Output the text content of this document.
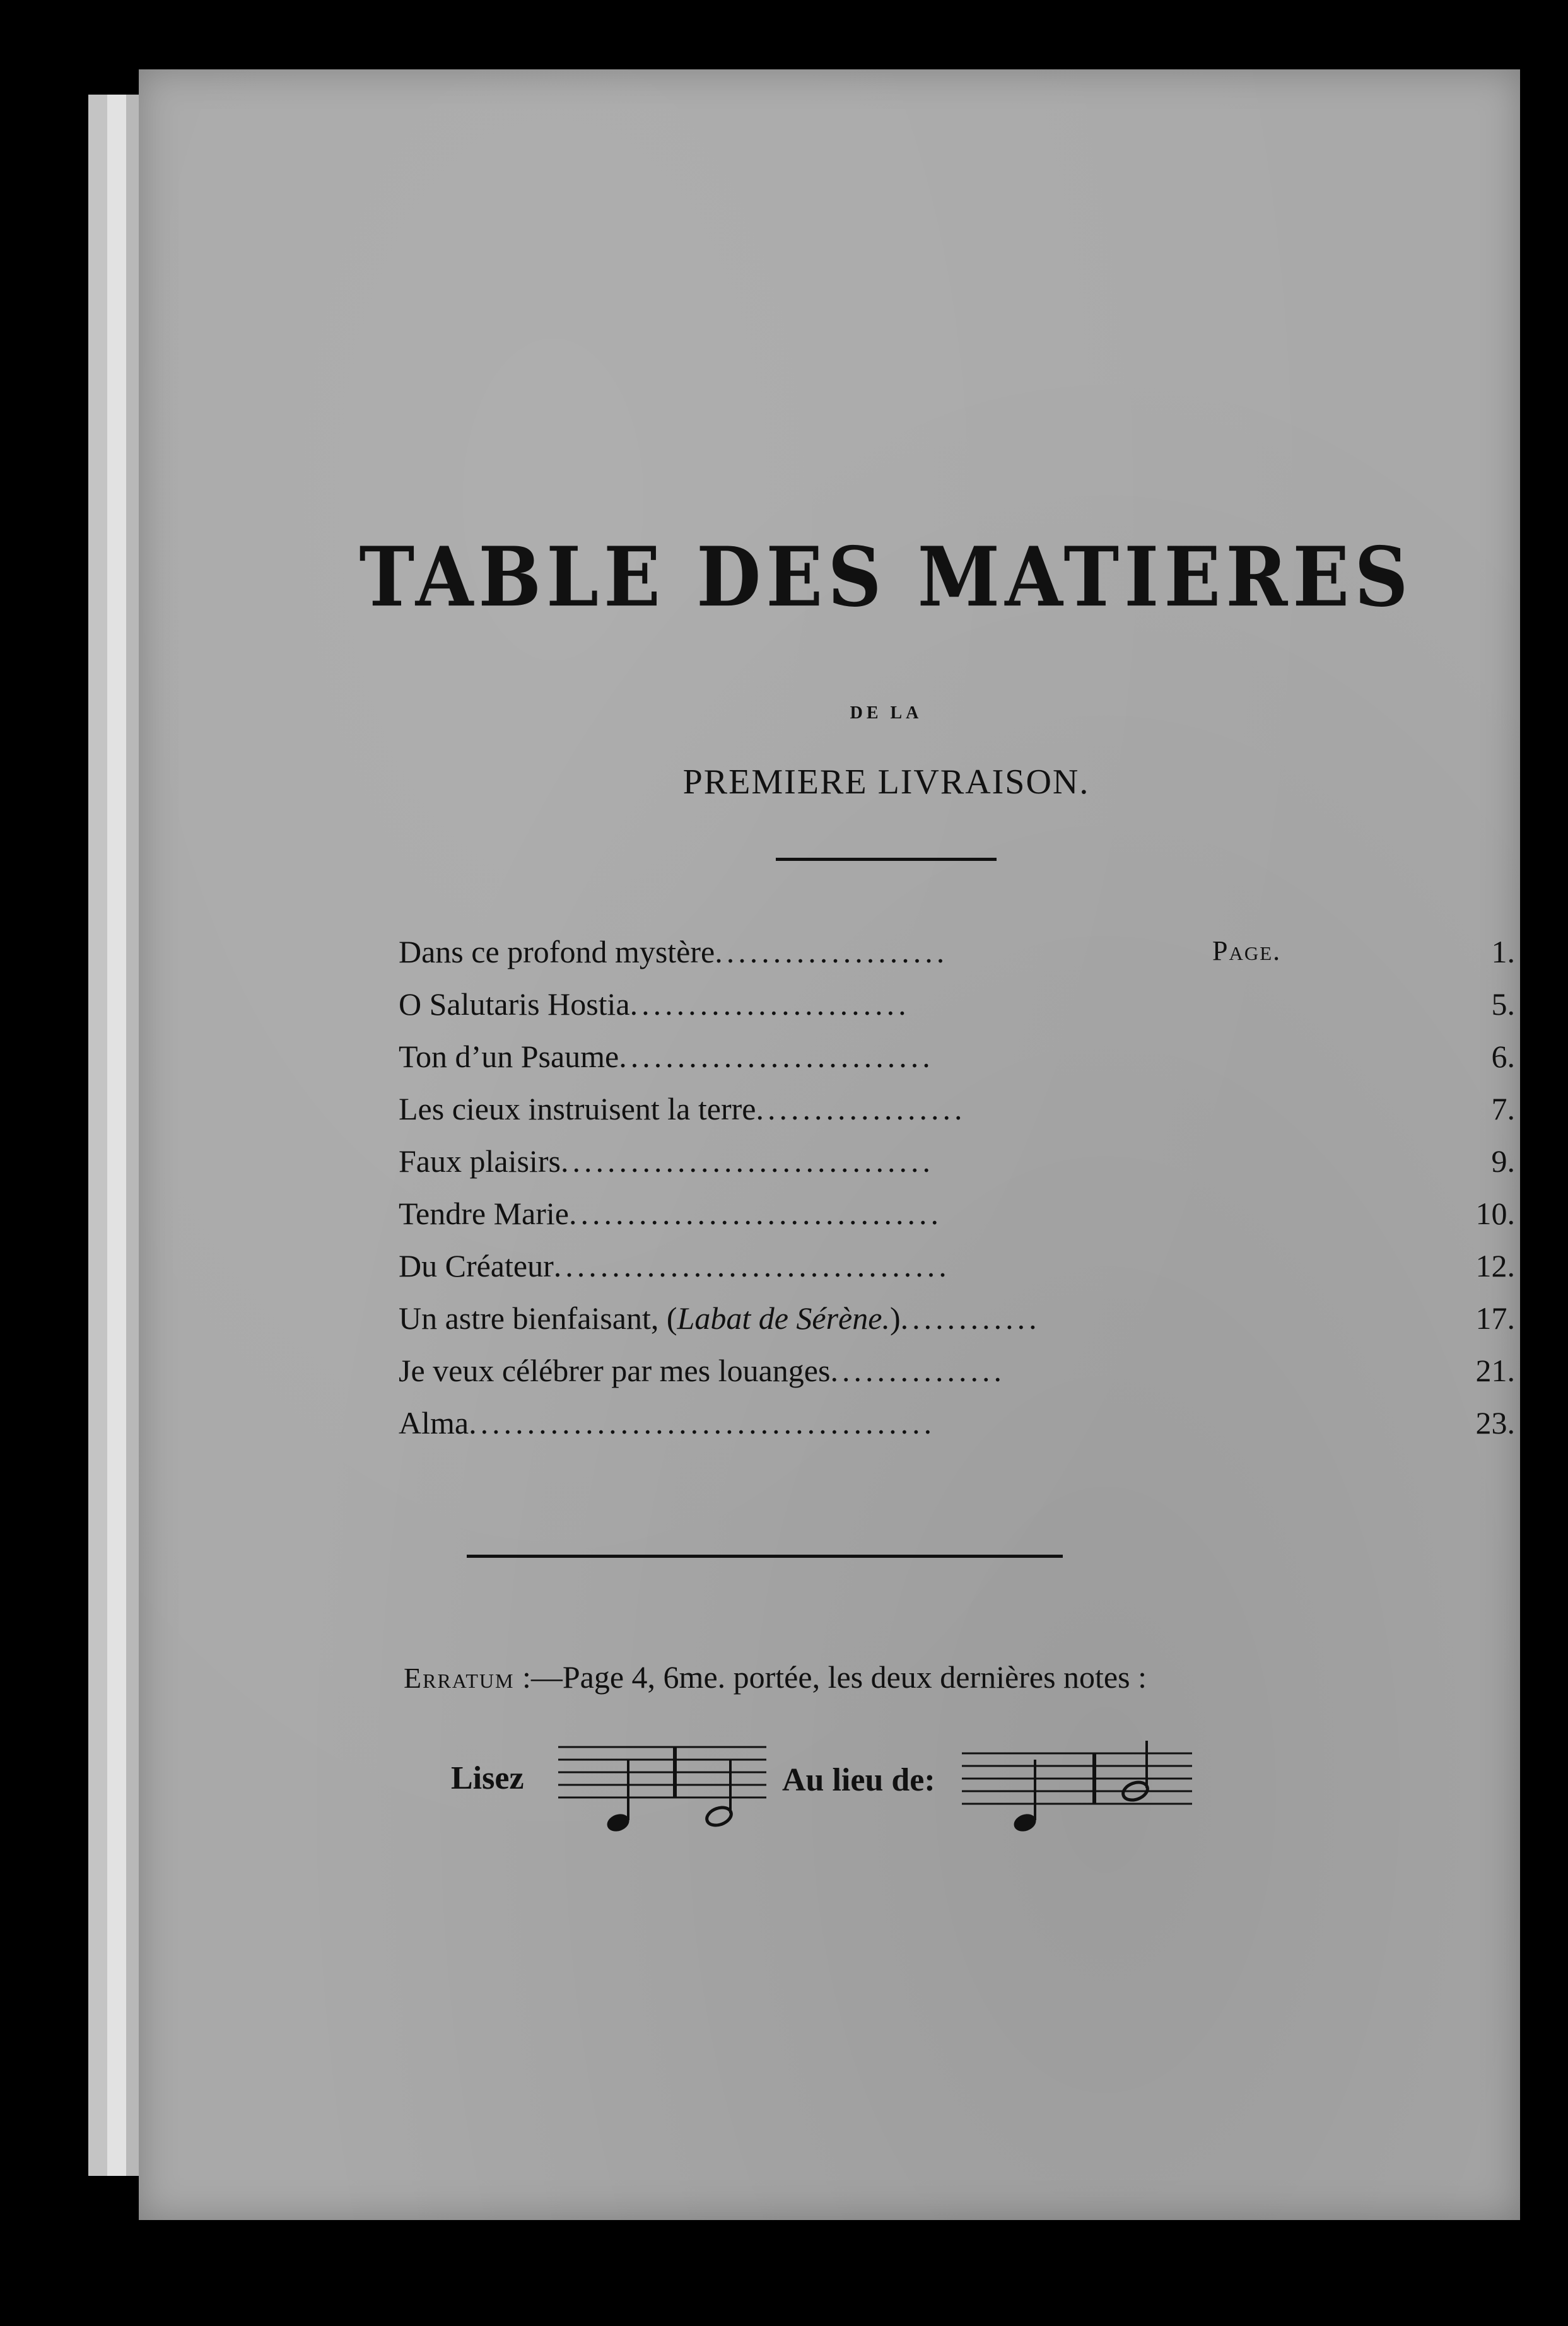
TABLE DES MATIERES
DE LA
PREMIERE LIVRAISON.
Dans ce profond mystère....................	Page.	1.
O Salutaris Hostia........................	5.
Ton d’un Psaume...........................	6.
Les cieux instruisent la terre..................	7.
Faux plaisirs................................	9.
Tendre Marie................................	10.
Du Créateur..................................	12.
Un astre bienfaisant, (Labat de Sérène.)............	17.
Je veux célébrer par mes louanges...............	21.
Alma........................................	23.
Erratum :—Page 4, 6me. portée, les deux dernières notes :
Lisez	Au lieu de:
